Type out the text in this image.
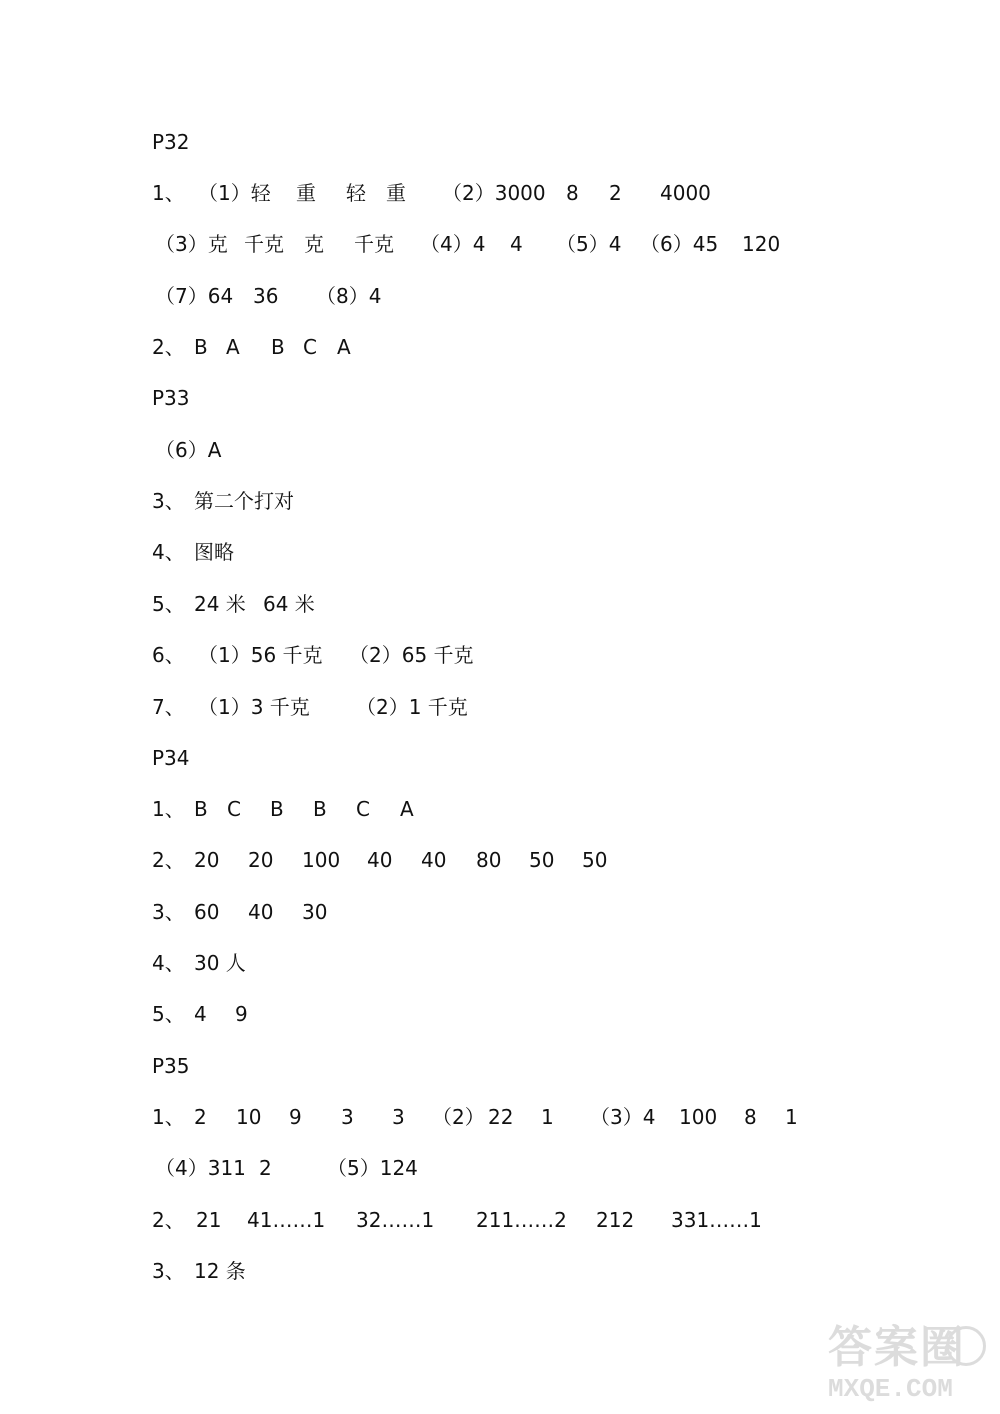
P32
1、 （1）轻 重 轻 重 （2）3000 8 2 4000
（3）克 千克 克 千克 （4）4 4 （5）4 （6）45 120
（7）64 36 （8）4
2、 B A B C A
P33
（6）A
3、 第二个打对
4、 图略
5、 24 米 64 米
6、 （1）56 千克 （2）65 千克
7、 （1）3 千克 （2）1 千克
P34
1、 B C B B C A
2、 20 20 100 40 40 80 50 50
3、 60 40 30
4、 30 人
5、 4 9
P35
1、 2 10 9 3 3 （2） 22 1 （3）4 100 8 1
（4）311 2	（5）124
2、 21 41……1 32……1 211……2 212 331……1
3、 12 条
答案圈
MXQE.COM
